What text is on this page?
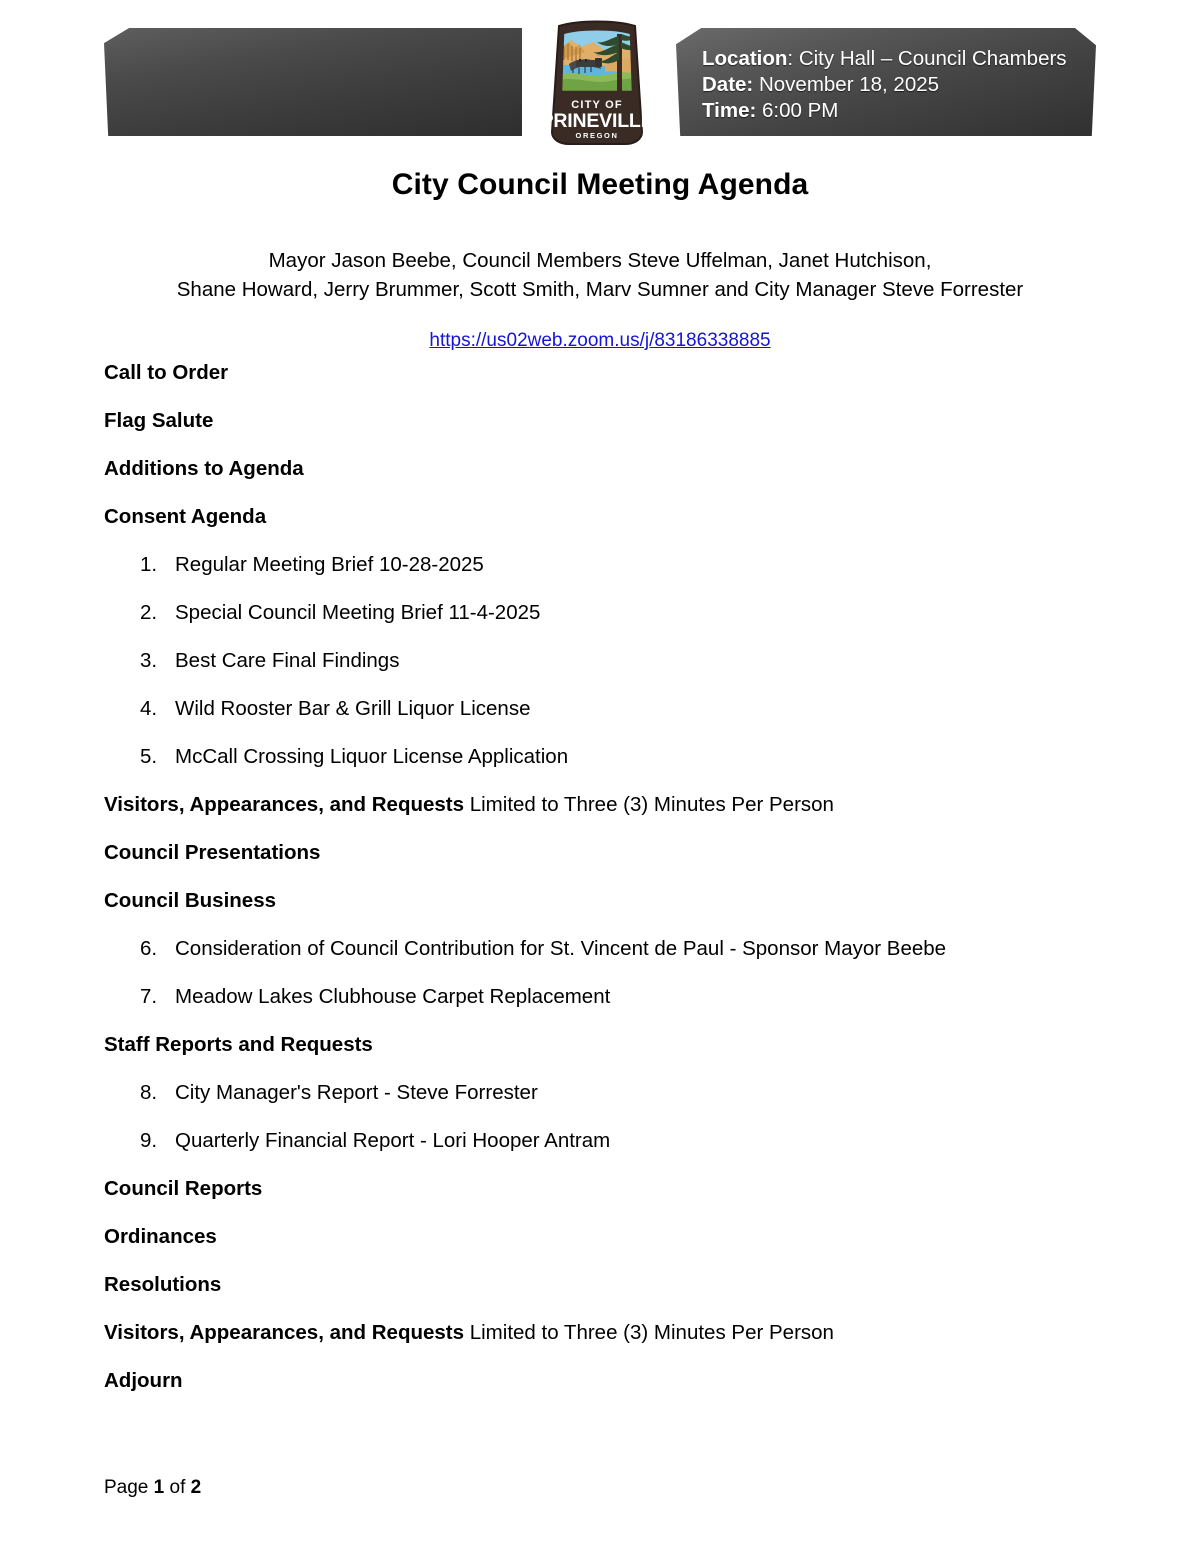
CITY OF
PRINEVILLE
OREGON
Location: City Hall – Council Chambers
Date: November 18, 2025
Time: 6:00 PM
City Council Meeting Agenda
Mayor Jason Beebe, Council Members Steve Uffelman, Janet Hutchison,
Shane Howard, Jerry Brummer, Scott Smith, Marv Sumner and City Manager Steve Forrester
https://us02web.zoom.us/j/83186338885
Call to Order
Flag Salute
Additions to Agenda
Consent Agenda
1. Regular Meeting Brief 10-28-2025
2. Special Council Meeting Brief 11-4-2025
3. Best Care Final Findings
4. Wild Rooster Bar & Grill Liquor License
5. McCall Crossing Liquor License Application
Visitors, Appearances, and Requests Limited to Three (3) Minutes Per Person
Council Presentations
Council Business
6. Consideration of Council Contribution for St. Vincent de Paul - Sponsor Mayor Beebe
7. Meadow Lakes Clubhouse Carpet Replacement
Staff Reports and Requests
8. City Manager's Report - Steve Forrester
9. Quarterly Financial Report - Lori Hooper Antram
Council Reports
Ordinances
Resolutions
Visitors, Appearances, and Requests Limited to Three (3) Minutes Per Person
Adjourn
Page 1 of 2
